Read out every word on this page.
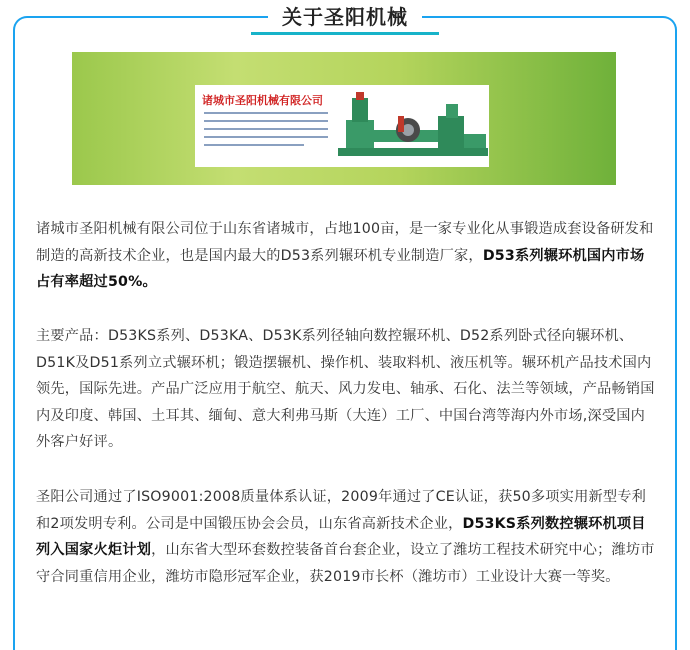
关于圣阳机械
诸城市圣阳机械有限公司

诸城市圣阳机械有限公司位于山东省诸城市，占地100亩，是一家专业化从事锻造成套设备研发和制造的高新技术企业，也是国内最大的D53系列辗环机专业制造厂家，D53系列辗环机国内市场占有率超过50%。

主要产品：D53KS系列、D53KA、D53K系列径轴向数控辗环机、D52系列卧式径向辗环机、D51K及D51系列立式辗环机；锻造摆辗机、操作机、装取料机、液压机等。辗环机产品技术国内领先，国际先进。产品广泛应用于航空、航天、风力发电、轴承、石化、法兰等领域，产品畅销国内及印度、韩国、土耳其、缅甸、意大利弗马斯（大连）工厂、中国台湾等海内外市场,深受国内外客户好评。

圣阳公司通过了ISO9001:2008质量体系认证，2009年通过了CE认证，获50多项实用新型专利和2项发明专利。公司是中国锻压协会会员，山东省高新技术企业，D53KS系列数控辗环机项目列入国家火炬计划，山东省大型环套数控装备首台套企业，设立了潍坊工程技术研究中心；潍坊市守合同重信用企业，潍坊市隐形冠军企业，获2019市长杯（潍坊市）工业设计大赛一等奖。
